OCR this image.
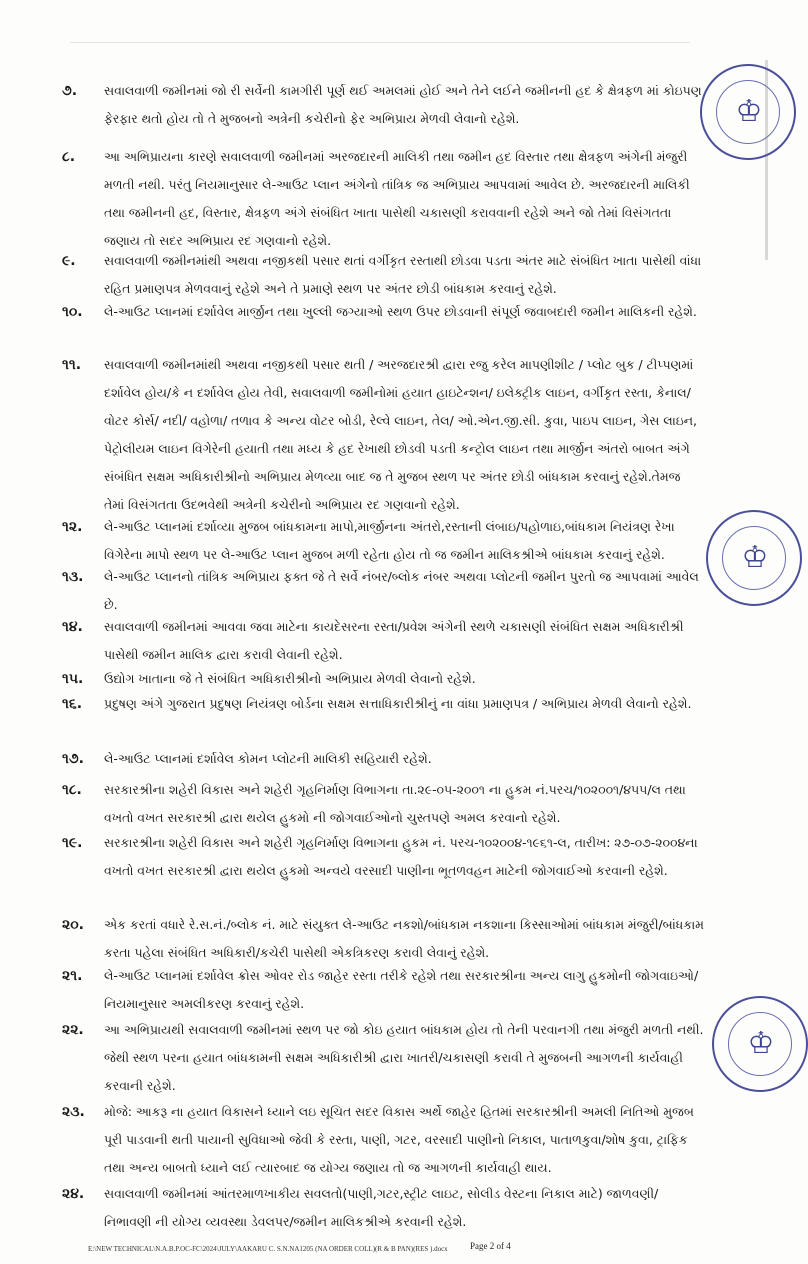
૭.	સવાલવાળી જમીનમાં જો રી સર્વેની કામગીરી પૂર્ણ થઈ અમલમાં હોઈ અને તેને લઈને જમીનની હદ કે ક્ષેત્રફળ માં કોઇપણ ફેરફાર થતો હોય તો તે મુજબનો અત્રેની કચેરીનો ફેર અભિપ્રાય મેળવી લેવાનો રહેશે.
૮.	આ અભિપ્રાયના કારણે સવાલવાળી જમીનમાં અરજદારની માલિકી તથા જમીન હદ વિસ્તાર તથા ક્ષેત્રફળ અંગેની મંજુરી મળતી નથી. પરંતુ નિયમાનુસાર લે-આઉટ પ્લાન અંગેનો તાંત્રિક જ અભિપ્રાય આપવામાં આવેલ છે. અરજદારની માલિકી તથા જમીનની હદ, વિસ્તાર, ક્ષેત્રફળ અંગે સંબંધિત ખાતા પાસેથી ચકાસણી કરાવવાની રહેશે અને જો તેમાં વિસંગતતા જણાય તો સદર અભિપ્રાય રદ ગણવાનો રહેશે.
૯.	સવાલવાળી જમીનમાંથી અથવા નજીકથી પસાર થતાં વર્ગીકૃત રસ્તાથી છોડવા પડતા અંતર માટે સંબંધિત ખાતા પાસેથી વાંધા રહિત પ્રમાણપત્ર મેળવવાનું રહેશે અને તે પ્રમાણે સ્થળ પર અંતર છોડી બાંધકામ કરવાનું રહેશે.
૧૦.	લે-આઉટ પ્લાનમાં દર્શાવેલ માર્જીન તથા ખુલ્લી જગ્યાઓ સ્થળ ઉપર છોડવાની સંપૂર્ણ જવાબદારી જમીન માલિકની રહેશે.
૧૧.	સવાલવાળી જમીનમાંથી અથવા નજીકથી પસાર થતી / અરજદારશ્રી દ્વારા રજુ કરેલ માપણીશીટ / પ્લોટ બુક / ટીપ્પણમાં દર્શાવેલ હોય/કે ન દર્શાવેલ હોય તેવી, સવાલવાળી જમીનોમાં હયાત હાઇટેન્શન/ ઇલેક્ટ્રીક લાઇન, વર્ગીકૃત રસ્તા, કેનાલ/ વોટર કોર્સ/ નદી/ વહોળા/ તળાવ કે અન્ય વોટર બોડી, રેલ્વે લાઇન, તેલ/ ઓ.એન.જી.સી. કુવા, પાઇપ લાઇન, ગેસ લાઇન, પેટ્રોલીયમ લાઇન વિગેરેની હયાતી તથા મધ્ય કે હદ રેખાથી છોડવી પડતી કન્ટ્રોલ લાઇન તથા માર્જીન અંતરો બાબત અંગે સંબંધિત સક્ષમ અધિકારીશ્રીનો અભિપ્રાય મેળવ્યા બાદ જ તે મુજબ સ્થળ પર અંતર છોડી બાંધકામ કરવાનું રહેશે.તેમજ તેમાં વિસંગતતા ઉદભવેથી અત્રેની કચેરીનો અભિપ્રાય રદ ગણવાનો રહેશે.
૧૨.	લે-આઉટ પ્લાનમાં દર્શાવ્યા મુજબ બાંધકામના માપો,માર્જીનના અંતરો,રસ્તાની લંબાઇ/પહોળાઇ,બાંધકામ નિયંત્રણ રેખા વિગેરેના માપો સ્થળ પર લે-આઉટ પ્લાન મુજબ મળી રહેતા હોય તો જ જમીન માલિકશ્રીએ બાંધકામ કરવાનું રહેશે.
૧૩.	લે-આઉટ પ્લાનનો તાંત્રિક અભિપ્રાય ફક્ત જે તે સર્વે નંબર/બ્લોક નંબર અથવા પ્લોટની જમીન પુરતો જ આપવામાં આવેલ છે.
૧૪.	સવાલવાળી જમીનમાં આવવા જવા માટેના કાયદેસરના રસ્તા/પ્રવેશ અંગેની સ્થળે ચકાસણી સંબંધિત સક્ષમ અધિકારીશ્રી પાસેથી જમીન માલિક દ્વારા કરાવી લેવાની રહેશે.
૧૫.	ઉદ્યોગ ખાતાના જે તે સંબંધિત અધિકારીશ્રીનો અભિપ્રાય મેળવી લેવાનો રહેશે.
૧૬.	પ્રદુષણ અંગે ગુજરાત પ્રદુષણ નિયંત્રણ બોર્ડના સક્ષમ સત્તાધિકારીશ્રીનું ના વાંધા પ્રમાણપત્ર / અભિપ્રાય મેળવી લેવાનો રહેશે.
૧૭.	લે-આઉટ પ્લાનમાં દર્શાવેલ કોમન પ્લોટની માલિકી સહિયારી રહેશે.
૧૮.	સરકારશ્રીના શહેરી વિકાસ અને શહેરી ગૃહનિર્માણ વિભાગના તા.૨૯-૦૫-૨૦૦૧ ના હુકમ નં.પરચ/૧૦૨૦૦૧/૪૫૫/લ તથા વખતો વખત સરકારશ્રી દ્વારા થયેલ હુકમો ની જોગવાઈઓનો ચુસ્તપણે અમલ કરવાનો રહેશે.
૧૯.	સરકારશ્રીના શહેરી વિકાસ અને શહેરી ગૃહનિર્માણ વિભાગના હુકમ નં. પરચ-૧૦૨૦૦૪-૧૯૬૧-લ, તારીખ: ૨૭-૦૭-૨૦૦૪ના વખતો વખત સરકારશ્રી દ્વારા થયેલ હુકમો અન્વયે વરસાદી પાણીના ભૂતળવહન માટેની જોગવાઈઓ કરવાની રહેશે.
૨૦.	એક કરતાં વધારે રે.સ.નં./બ્લોક નં. માટે સંયુક્ત લે-આઉટ નકશો/બાંધકામ નકશાના કિસ્સાઓમાં બાંધકામ મંજુરી/બાંધકામ કરતા પહેલા સંબંધિત અધિકારી/કચેરી પાસેથી એકત્રિકરણ કરાવી લેવાનું રહેશે.
૨૧.	લે-આઉટ પ્લાનમાં દર્શાવેલ ક્રોસ ઓવર રોડ જાહેર રસ્તા તરીકે રહેશે તથા સરકારશ્રીના અન્ય લાગુ હુકમોની જોગવાઇઓ/નિયમાનુસાર અમલીકરણ કરવાનું રહેશે.
૨૨.	આ અભિપ્રાયથી સવાલવાળી જમીનમાં સ્થળ પર જો કોઇ હયાત બાંધકામ હોય તો તેની પરવાનગી તથા મંજુરી મળતી નથી. જેથી સ્થળ પરના હયાત બાંધકામની સક્ષમ અધિકારીશ્રી દ્વારા ખાતરી/ચકાસણી કરાવી તે મુજબની આગળની કાર્યવાહી કરવાની રહેશે.
૨૩.	મોજે: આકરૂ ના હયાત વિકાસને ધ્યાને લઇ સૂચિત સદર વિકાસ અર્થે જાહેર હિતમાં સરકારશ્રીની અમલી નિતિઓ મુજબ પૂરી પાડવાની થતી પાયાની સુવિધાઓ જેવી કે રસ્તા, પાણી, ગટર, વરસાદી પાણીનો નિકાલ, પાતાળકુવા/શોષ કુવા, ટ્રાફિક તથા અન્ય બાબતો ધ્યાને લઈ ત્યારબાદ જ યોગ્ય જણાય તો જ આગળની કાર્યવાહી થાય.
૨૪.	સવાલવાળી જમીનમાં આંતરમાળખાકીય સવલતો(પાણી,ગટર,સ્ટ્રીટ લાઇટ, સોલીડ વેસ્ટના નિકાલ માટે) જાળવણી/ નિભાવણી ની યોગ્ય વ્યવસ્થા ડેવલપર/જમીન માલિકશ્રીએ કરવાની રહેશે.
♔
♔
♔
E:\NEW TECHNICAL\N.A.B.P.OC-FC\2024\JULY\AAKARU C. S.N.NA1205 (NA ORDER COLL)(R & B PAN)(RES ).docx Page 2 of 4
